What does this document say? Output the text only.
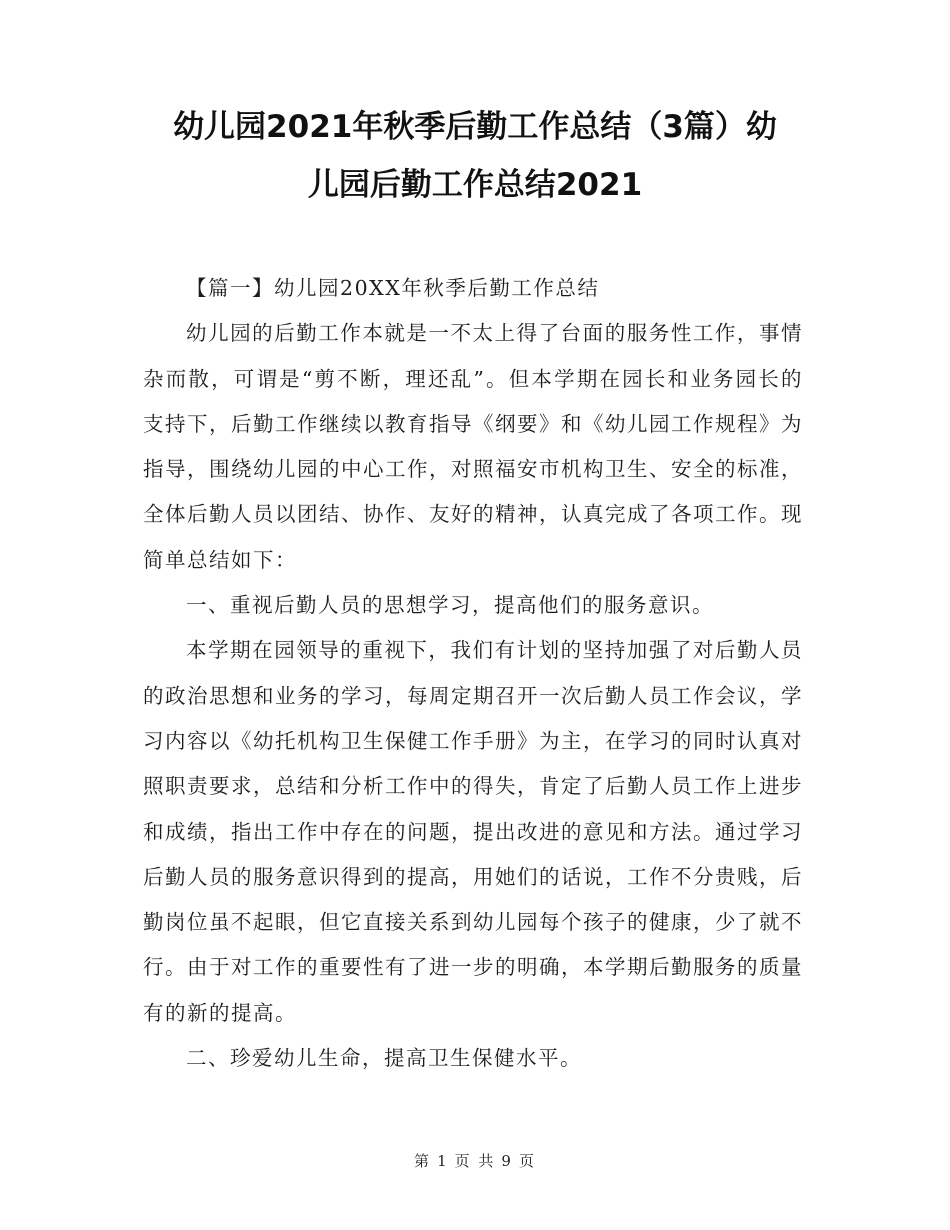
幼儿园2021年秋季后勤工作总结（3篇）幼
儿园后勤工作总结2021

【篇一】幼儿园20XX年秋季后勤工作总结

幼儿园的后勤工作本就是一不太上得了台面的服务性工作，事情杂而散，可谓是“剪不断，理还乱”。但本学期在园长和业务园长的支持下，后勤工作继续以教育指导《纲要》和《幼儿园工作规程》为指导，围绕幼儿园的中心工作，对照福安市机构卫生、安全的标准，全体后勤人员以团结、协作、友好的精神，认真完成了各项工作。现简单总结如下：

一、重视后勤人员的思想学习，提高他们的服务意识。

本学期在园领导的重视下，我们有计划的坚持加强了对后勤人员的政治思想和业务的学习，每周定期召开一次后勤人员工作会议，学习内容以《幼托机构卫生保健工作手册》为主，在学习的同时认真对照职责要求，总结和分析工作中的得失，肯定了后勤人员工作上进步和成绩，指出工作中存在的问题，提出改进的意见和方法。通过学习后勤人员的服务意识得到的提高，用她们的话说，工作不分贵贱，后勤岗位虽不起眼，但它直接关系到幼儿园每个孩子的健康，少了就不行。由于对工作的重要性有了进一步的明确，本学期后勤服务的质量有的新的提高。

二、珍爱幼儿生命，提高卫生保健水平。

第 1 页 共 9 页
